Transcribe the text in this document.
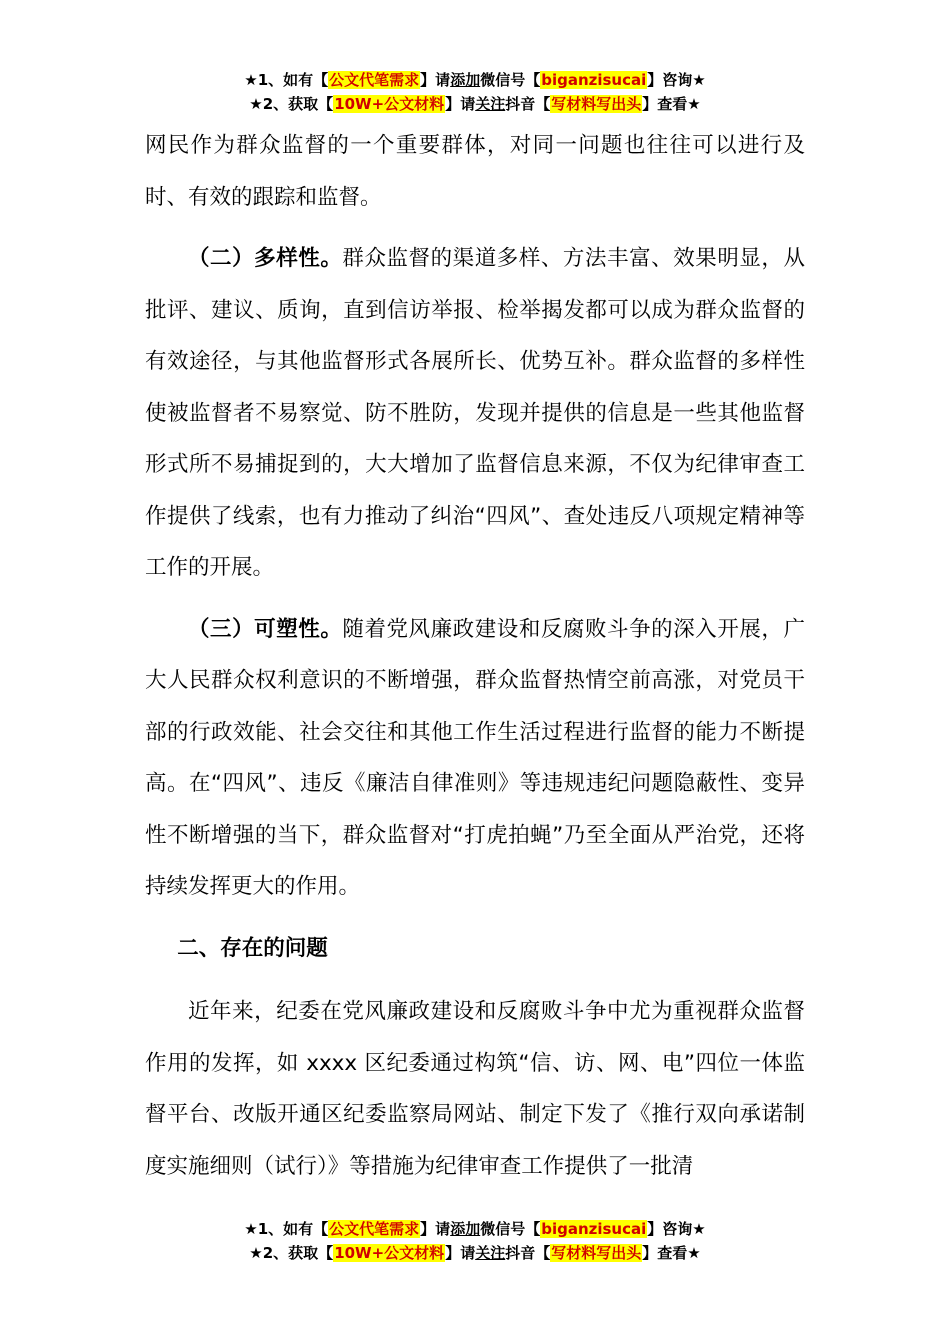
★1、如有【公文代笔需求】请添加微信号【biganzisucai】咨询★
★2、获取【10W+公文材料】请关注抖音【写材料写出头】查看★

网民作为群众监督的一个重要群体，对同一问题也往往可以进行及时、有效的跟踪和监督。

（二）多样性。群众监督的渠道多样、方法丰富、效果明显，从批评、建议、质询，直到信访举报、检举揭发都可以成为群众监督的有效途径，与其他监督形式各展所长、优势互补。群众监督的多样性使被监督者不易察觉、防不胜防，发现并提供的信息是一些其他监督形式所不易捕捉到的，大大增加了监督信息来源，不仅为纪律审查工作提供了线索，也有力推动了纠治“四风”、查处违反八项规定精神等工作的开展。

（三）可塑性。随着党风廉政建设和反腐败斗争的深入开展，广大人民群众权利意识的不断增强，群众监督热情空前高涨，对党员干部的行政效能、社会交往和其他工作生活过程进行监督的能力不断提高。在“四风”、违反《廉洁自律准则》等违规违纪问题隐蔽性、变异性不断增强的当下，群众监督对“打虎拍蝇”乃至全面从严治党，还将持续发挥更大的作用。

二、存在的问题

近年来，纪委在党风廉政建设和反腐败斗争中尤为重视群众监督作用的发挥，如 xxxx 区纪委通过构筑“信、访、网、电”四位一体监督平台、改版开通区纪委监察局网站、制定下发了《推行双向承诺制度实施细则（试行）》等措施为纪律审查工作提供了一批清

★1、如有【公文代笔需求】请添加微信号【biganzisucai】咨询★
★2、获取【10W+公文材料】请关注抖音【写材料写出头】查看★
